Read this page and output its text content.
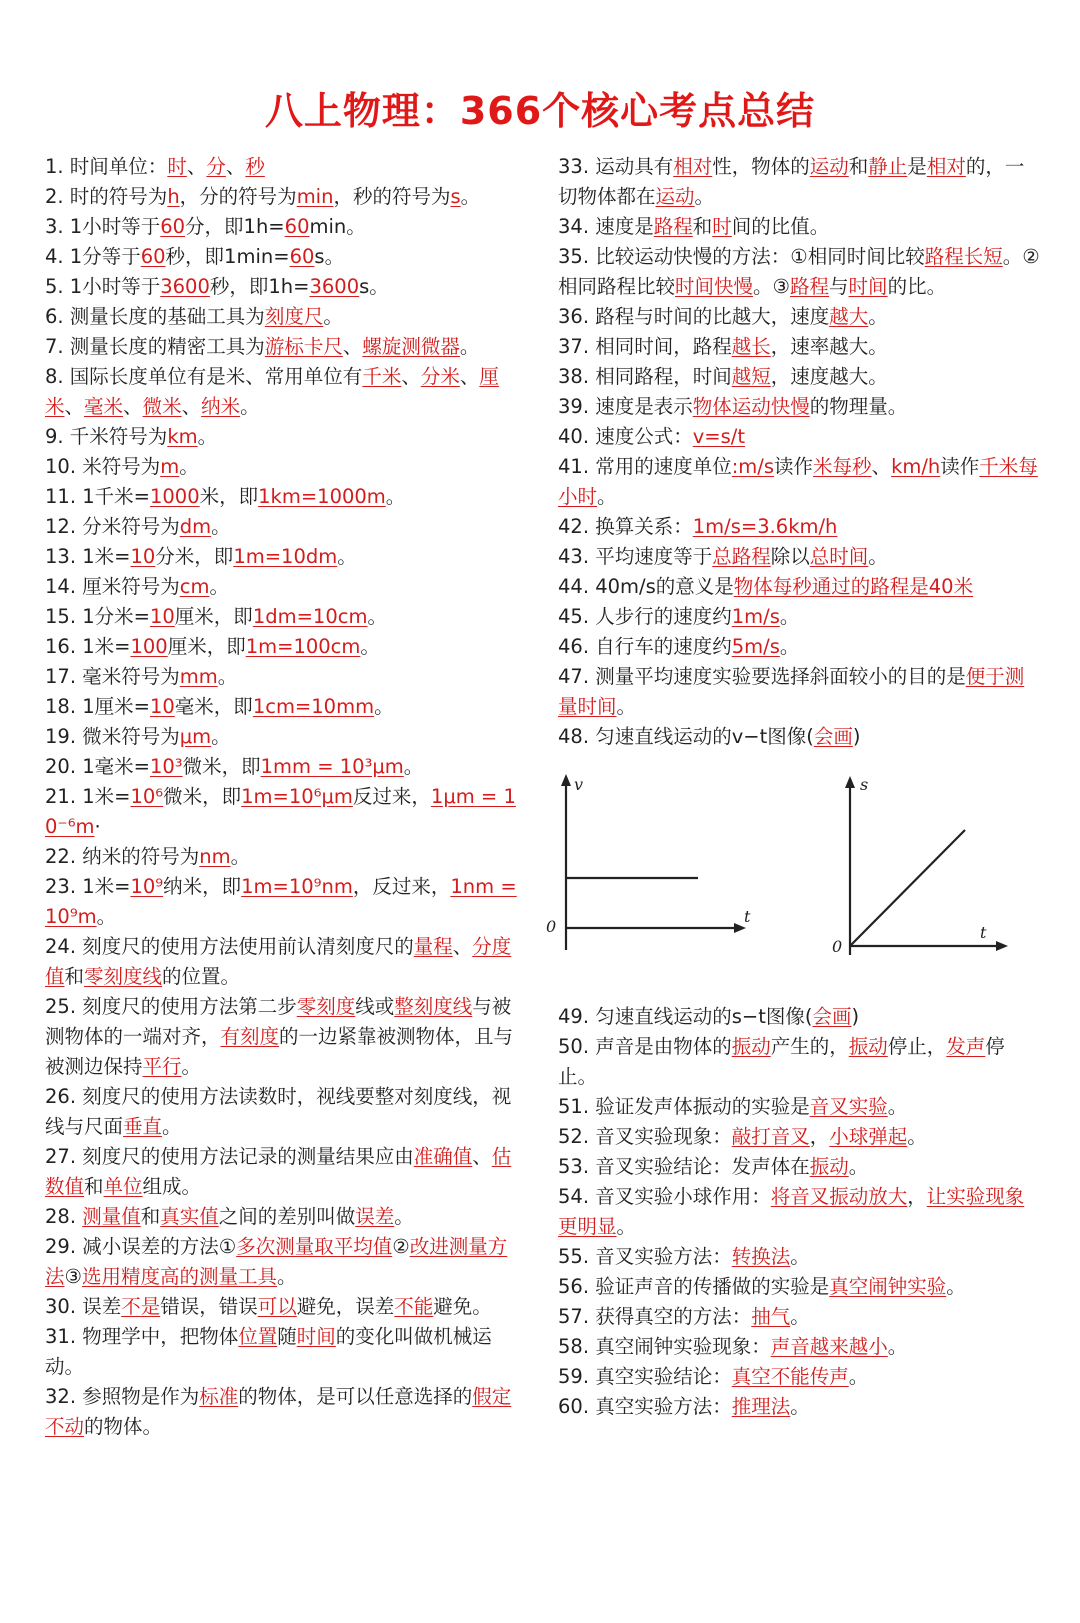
八上物理：366个核心考点总结
1. 时间单位：时、分、秒
2. 时的符号为h，分的符号为min，秒的符号为s。
3. 1小时等于60分，即1h=60min。
4. 1分等于60秒，即1min=60s。
5. 1小时等于3600秒，即1h=3600s。
6. 测量长度的基础工具为刻度尺。
7. 测量长度的精密工具为游标卡尺、螺旋测微器。
8. 国际长度单位有是米、常用单位有千米、分米、厘米、毫米、微米、纳米。
9. 千米符号为km。
10. 米符号为m。
11. 1千米=1000米，即1km=1000m。
12. 分米符号为dm。
13. 1米=10分米，即1m=10dm。
14. 厘米符号为cm。
15. 1分米=10厘米，即1dm=10cm。
16. 1米=100厘米，即1m=100cm。
17. 毫米符号为mm。
18. 1厘米=10毫米，即1cm=10mm。
19. 微米符号为μm。
20. 1毫米=10³微米，即1mm = 10³μm。
21. 1米=10⁶微米，即1m=10⁶μm反过来，1μm = 10⁻⁶m·
22. 纳米的符号为nm。
23. 1米=10⁹纳米，即1m=10⁹nm，反过来，1nm = 10⁹m。
24. 刻度尺的使用方法使用前认清刻度尺的量程、分度值和零刻度线的位置。
25. 刻度尺的使用方法第二步零刻度线或整刻度线与被测物体的一端对齐，有刻度的一边紧靠被测物体，且与被测边保持平行。
26. 刻度尺的使用方法读数时，视线要整对刻度线，视线与尺面垂直。
27. 刻度尺的使用方法记录的测量结果应由准确值、估数值和单位组成。
28. 测量值和真实值之间的差别叫做误差。
29. 减小误差的方法①多次测量取平均值②改进测量方法③选用精度高的测量工具。
30. 误差不是错误，错误可以避免，误差不能避免。
31. 物理学中，把物体位置随时间的变化叫做机械运动。
32. 参照物是作为标准的物体，是可以任意选择的假定不动的物体。
33. 运动具有相对性，物体的运动和静止是相对的，一切物体都在运动。
34. 速度是路程和时间的比值。
35. 比较运动快慢的方法：①相同时间比较路程长短。②相同路程比较时间快慢。③路程与时间的比。
36. 路程与时间的比越大，速度越大。
37. 相同时间，路程越长，速率越大。
38. 相同路程，时间越短，速度越大。
39. 速度是表示物体运动快慢的物理量。
40. 速度公式：v=s/t
41. 常用的速度单位:m/s读作米每秒、km/h读作千米每小时。
42. 换算关系：1m/s=3.6km/h
43. 平均速度等于总路程除以总时间。
44. 40m/s的意义是物体每秒通过的路程是40米
45. 人步行的速度约1m/s。
46. 自行车的速度约5m/s。
47. 测量平均速度实验要选择斜面较小的目的是便于测量时间。
48. 匀速直线运动的v−t图像(会画)
v
t
0
s
t
0
49. 匀速直线运动的s−t图像(会画)
50. 声音是由物体的振动产生的，振动停止，发声停止。
51. 验证发声体振动的实验是音叉实验。
52. 音叉实验现象：敲打音叉，小球弹起。
53. 音叉实验结论：发声体在振动。
54. 音叉实验小球作用：将音叉振动放大，让实验现象更明显。
55. 音叉实验方法：转换法。
56. 验证声音的传播做的实验是真空闹钟实验。
57. 获得真空的方法：抽气。
58. 真空闹钟实验现象：声音越来越小。
59. 真空实验结论：真空不能传声。
60. 真空实验方法：推理法。
